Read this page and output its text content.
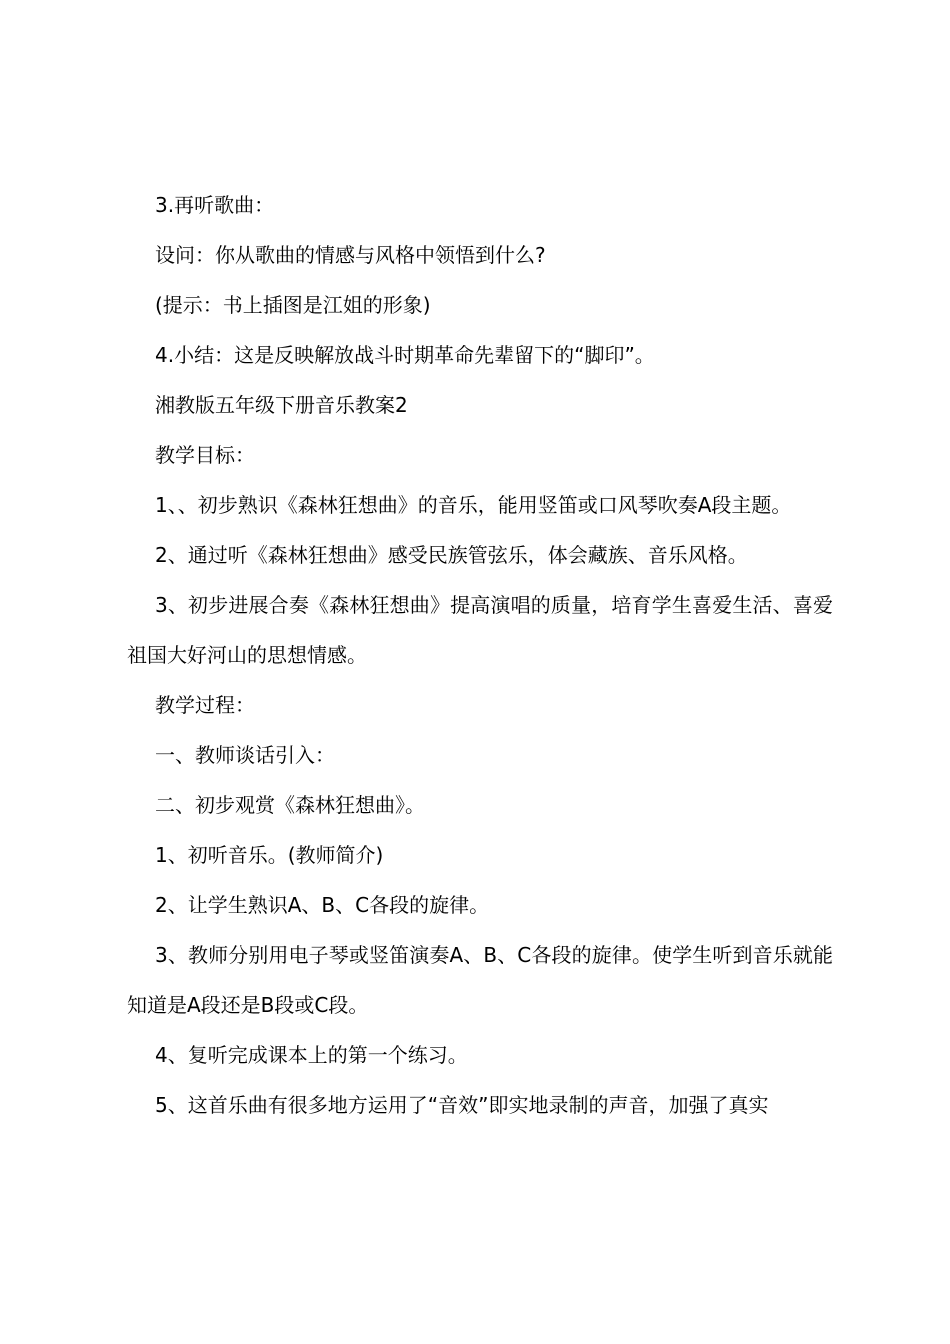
3.再听歌曲：

设问：你从歌曲的情感与风格中领悟到什么?

(提示：书上插图是江姐的形象)

4.小结：这是反映解放战斗时期革命先辈留下的“脚印”。

湘教版五年级下册音乐教案2

教学目标：

1、、初步熟识《森林狂想曲》的音乐，能用竖笛或口风琴吹奏A段主题。

2、通过听《森林狂想曲》感受民族管弦乐，体会藏族、音乐风格。

3、初步进展合奏《森林狂想曲》提高演唱的质量，培育学生喜爱生活、喜爱祖国大好河山的思想情感。

教学过程：

一、教师谈话引入：

二、初步观赏《森林狂想曲》。

1、初听音乐。(教师简介)

2、让学生熟识A、B、C各段的旋律。

3、教师分别用电子琴或竖笛演奏A、B、C各段的旋律。使学生听到音乐就能知道是A段还是B段或C段。

4、复听完成课本上的第一个练习。

5、这首乐曲有很多地方运用了“音效”即实地录制的声音，加强了真实
